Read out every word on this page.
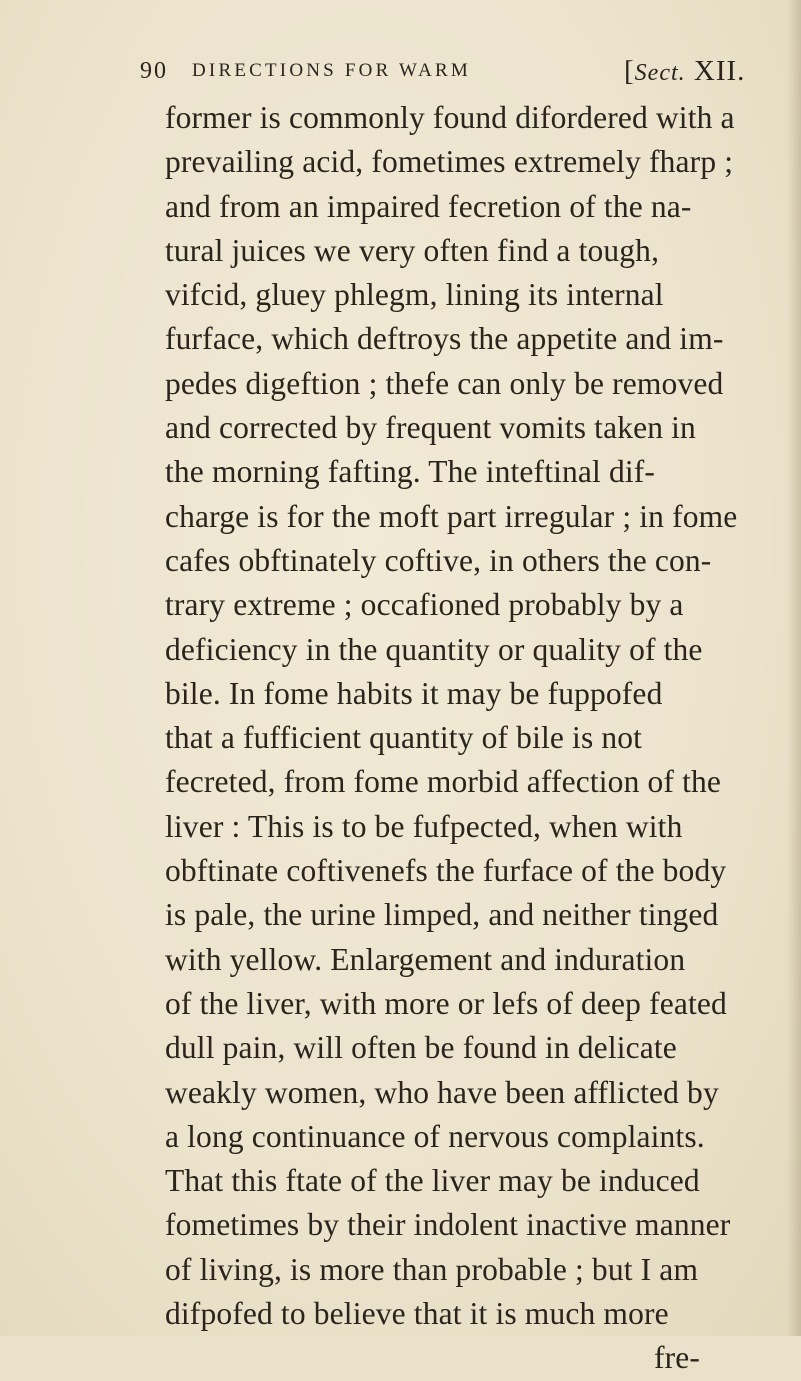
90 DIRECTIONS FOR WARM	[Sect. XII.
former is commonly found difordered with a
prevailing acid, fometimes extremely fharp ;
and from an impaired fecretion of the na-
tural juices we very often find a tough,
vifcid, gluey phlegm, lining its internal
furface, which deftroys the appetite and im-
pedes digeftion ; thefe can only be removed
and corrected by frequent vomits taken in
the morning fafting. The inteftinal dif-
charge is for the moft part irregular ; in fome
cafes obftinately coftive, in others the con-
trary extreme ; occafioned probably by a
deficiency in the quantity or quality of the
bile. In fome habits it may be fuppofed
that a fufficient quantity of bile is not
fecreted, from fome morbid affection of the
liver : This is to be fufpected, when with
obftinate coftivenefs the furface of the body
is pale, the urine limped, and neither tinged
with yellow. Enlargement and induration
of the liver, with more or lefs of deep feated
dull pain, will often be found in delicate
weakly women, who have been afflicted by
a long continuance of nervous complaints.
That this ftate of the liver may be induced
fometimes by their indolent inactive manner
of living, is more than probable ; but I am
difpofed to believe that it is much more
fre-
